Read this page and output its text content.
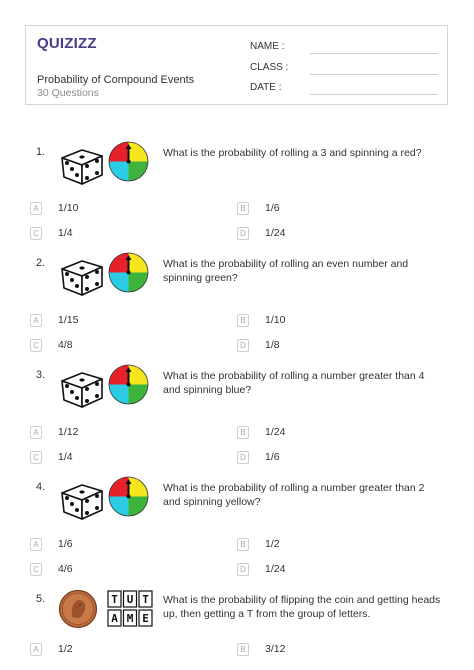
QUIZIZZ
Probability of Compound Events
30 Questions
NAME :
CLASS :
DATE :
1.	What is the probability of rolling a 3 and spinning a red?
A	1/10	B	1/6
C 1/4	D 1/24
2.	What is the probability of rolling an even number and spinning green?
A	1/15	B	1/10
C 4/8	D 1/8
3.	What is the probability of rolling a number greater than 4 and spinning blue?
A	1/12	B	1/24
C 1/4	D 1/6
4.	What is the probability of rolling a number greater than 2 and spinning yellow?
A	1/6	B	1/2
C 4/6	D 1/24
5.	T U T
A M E
What is the probability of flipping the coin and getting heads up, then getting a T from the group of letters.
A	1/2	B	3/12
